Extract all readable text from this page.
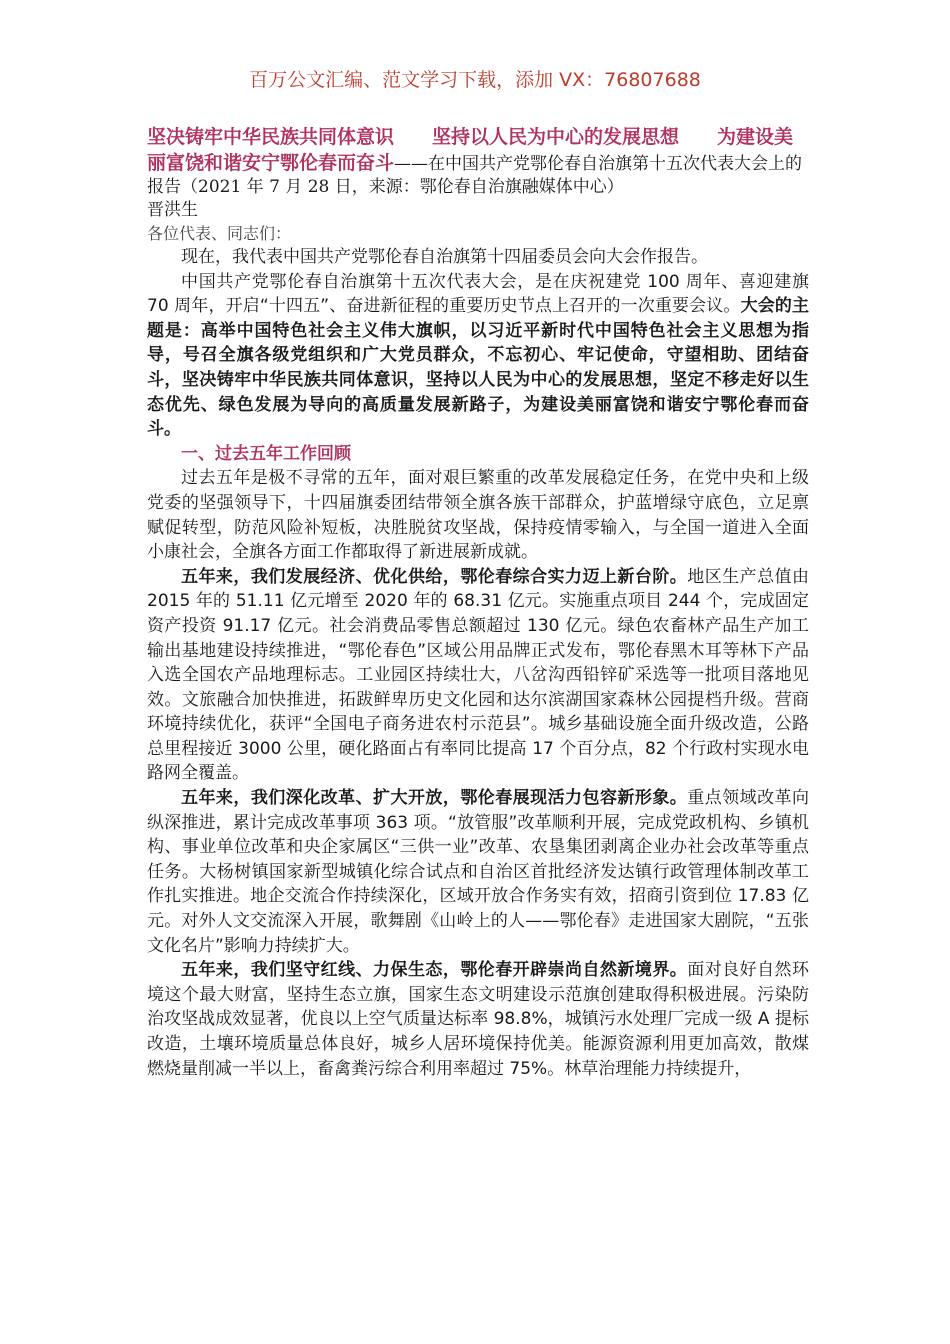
百万公文汇编、范文学习下载，添加 VX：76807688
坚决铸牢中华民族共同体意识　　坚持以人民为中心的发展思想　　为建设美丽富饶和谐安宁鄂伦春而奋斗——在中国共产党鄂伦春自治旗第十五次代表大会上的报告（2021 年 7 月 28 日，来源：鄂伦春自治旗融媒体中心）
晋洪生
各位代表、同志们：

现在，我代表中国共产党鄂伦春自治旗第十四届委员会向大会作报告。

中国共产党鄂伦春自治旗第十五次代表大会，是在庆祝建党 100 周年、喜迎建旗 70 周年，开启“十四五”、奋进新征程的重要历史节点上召开的一次重要会议。大会的主题是：高举中国特色社会主义伟大旗帜，以习近平新时代中国特色社会主义思想为指导，号召全旗各级党组织和广大党员群众，不忘初心、牢记使命，守望相助、团结奋斗，坚决铸牢中华民族共同体意识，坚持以人民为中心的发展思想，坚定不移走好以生态优先、绿色发展为导向的高质量发展新路子，为建设美丽富饶和谐安宁鄂伦春而奋斗。

一、过去五年工作回顾

过去五年是极不寻常的五年，面对艰巨繁重的改革发展稳定任务，在党中央和上级党委的坚强领导下，十四届旗委团结带领全旗各族干部群众，护蓝增绿守底色，立足禀赋促转型，防范风险补短板，决胜脱贫攻坚战，保持疫情零输入，与全国一道进入全面小康社会，全旗各方面工作都取得了新进展新成就。

五年来，我们发展经济、优化供给，鄂伦春综合实力迈上新台阶。地区生产总值由 2015 年的 51.11 亿元增至 2020 年的 68.31 亿元。实施重点项目 244 个，完成固定资产投资 91.17 亿元。社会消费品零售总额超过 130 亿元。绿色农畜林产品生产加工输出基地建设持续推进，“鄂伦春色”区域公用品牌正式发布，鄂伦春黑木耳等林下产品入选全国农产品地理标志。工业园区持续壮大，八岔沟西铅锌矿采选等一批项目落地见效。文旅融合加快推进，拓跋鲜卑历史文化园和达尔滨湖国家森林公园提档升级。营商环境持续优化，获评“全国电子商务进农村示范县”。城乡基础设施全面升级改造，公路总里程接近 3000 公里，硬化路面占有率同比提高 17 个百分点，82 个行政村实现水电路网全覆盖。

五年来，我们深化改革、扩大开放，鄂伦春展现活力包容新形象。重点领域改革向纵深推进，累计完成改革事项 363 项。“放管服”改革顺利开展，完成党政机构、乡镇机构、事业单位改革和央企家属区“三供一业”改革、农垦集团剥离企业办社会改革等重点任务。大杨树镇国家新型城镇化综合试点和自治区首批经济发达镇行政管理体制改革工作扎实推进。地企交流合作持续深化，区域开放合作务实有效，招商引资到位 17.83 亿元。对外人文交流深入开展，歌舞剧《山岭上的人——鄂伦春》走进国家大剧院，“五张文化名片”影响力持续扩大。

五年来，我们坚守红线、力保生态，鄂伦春开辟崇尚自然新境界。面对良好自然环境这个最大财富，坚持生态立旗，国家生态文明建设示范旗创建取得积极进展。污染防治攻坚战成效显著，优良以上空气质量达标率 98.8%，城镇污水处理厂完成一级 A 提标改造，土壤环境质量总体良好，城乡人居环境保持优美。能源资源利用更加高效，散煤燃烧量削减一半以上，畜禽粪污综合利用率超过 75%。林草治理能力持续提升，
